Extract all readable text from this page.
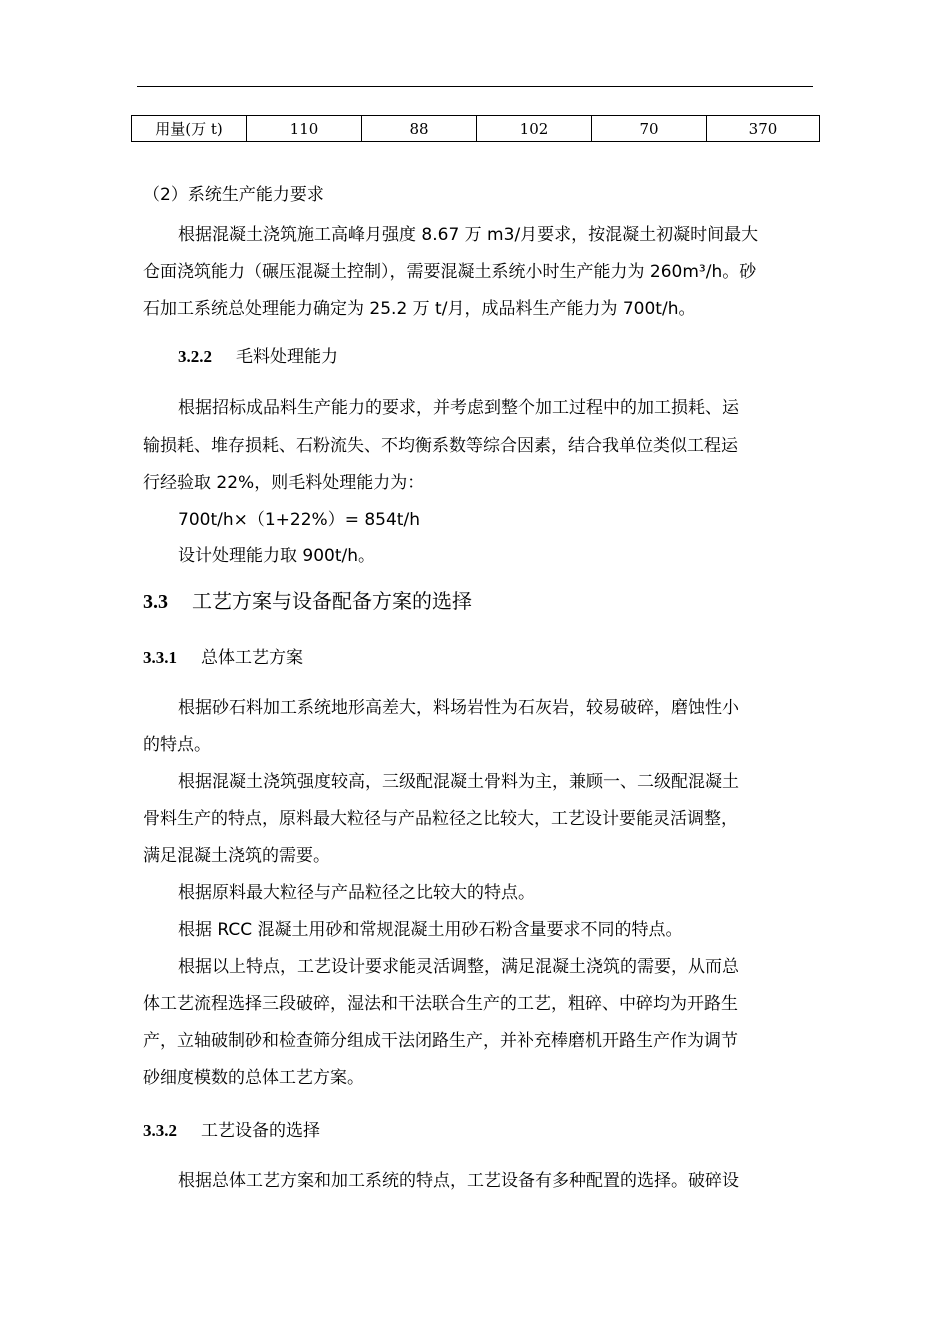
用量(万 t)	110	88	102	70	370
（2）系统生产能力要求
根据混凝土浇筑施工高峰月强度 8.67 万 m3/月要求，按混凝土初凝时间最大
仓面浇筑能力（碾压混凝土控制），需要混凝土系统小时生产能力为 260m³/h。砂
石加工系统总处理能力确定为 25.2 万 t/月，成品料生产能力为 700t/h。
3.2.2 毛料处理能力
根据招标成品料生产能力的要求，并考虑到整个加工过程中的加工损耗、运
输损耗、堆存损耗、石粉流失、不均衡系数等综合因素，结合我单位类似工程运
行经验取 22%，则毛料处理能力为：
700t/h×（1+22%）= 854t/h
设计处理能力取 900t/h。
3.3 工艺方案与设备配备方案的选择
3.3.1 总体工艺方案
根据砂石料加工系统地形高差大，料场岩性为石灰岩，较易破碎，磨蚀性小
的特点。
根据混凝土浇筑强度较高，三级配混凝土骨料为主，兼顾一、二级配混凝土
骨料生产的特点，原料最大粒径与产品粒径之比较大，工艺设计要能灵活调整，
满足混凝土浇筑的需要。
根据原料最大粒径与产品粒径之比较大的特点。
根据 RCC 混凝土用砂和常规混凝土用砂石粉含量要求不同的特点。
根据以上特点，工艺设计要求能灵活调整，满足混凝土浇筑的需要，从而总
体工艺流程选择三段破碎，湿法和干法联合生产的工艺，粗碎、中碎均为开路生
产，立轴破制砂和检查筛分组成干法闭路生产，并补充棒磨机开路生产作为调节
砂细度模数的总体工艺方案。
3.3.2 工艺设备的选择
根据总体工艺方案和加工系统的特点，工艺设备有多种配置的选择。破碎设
